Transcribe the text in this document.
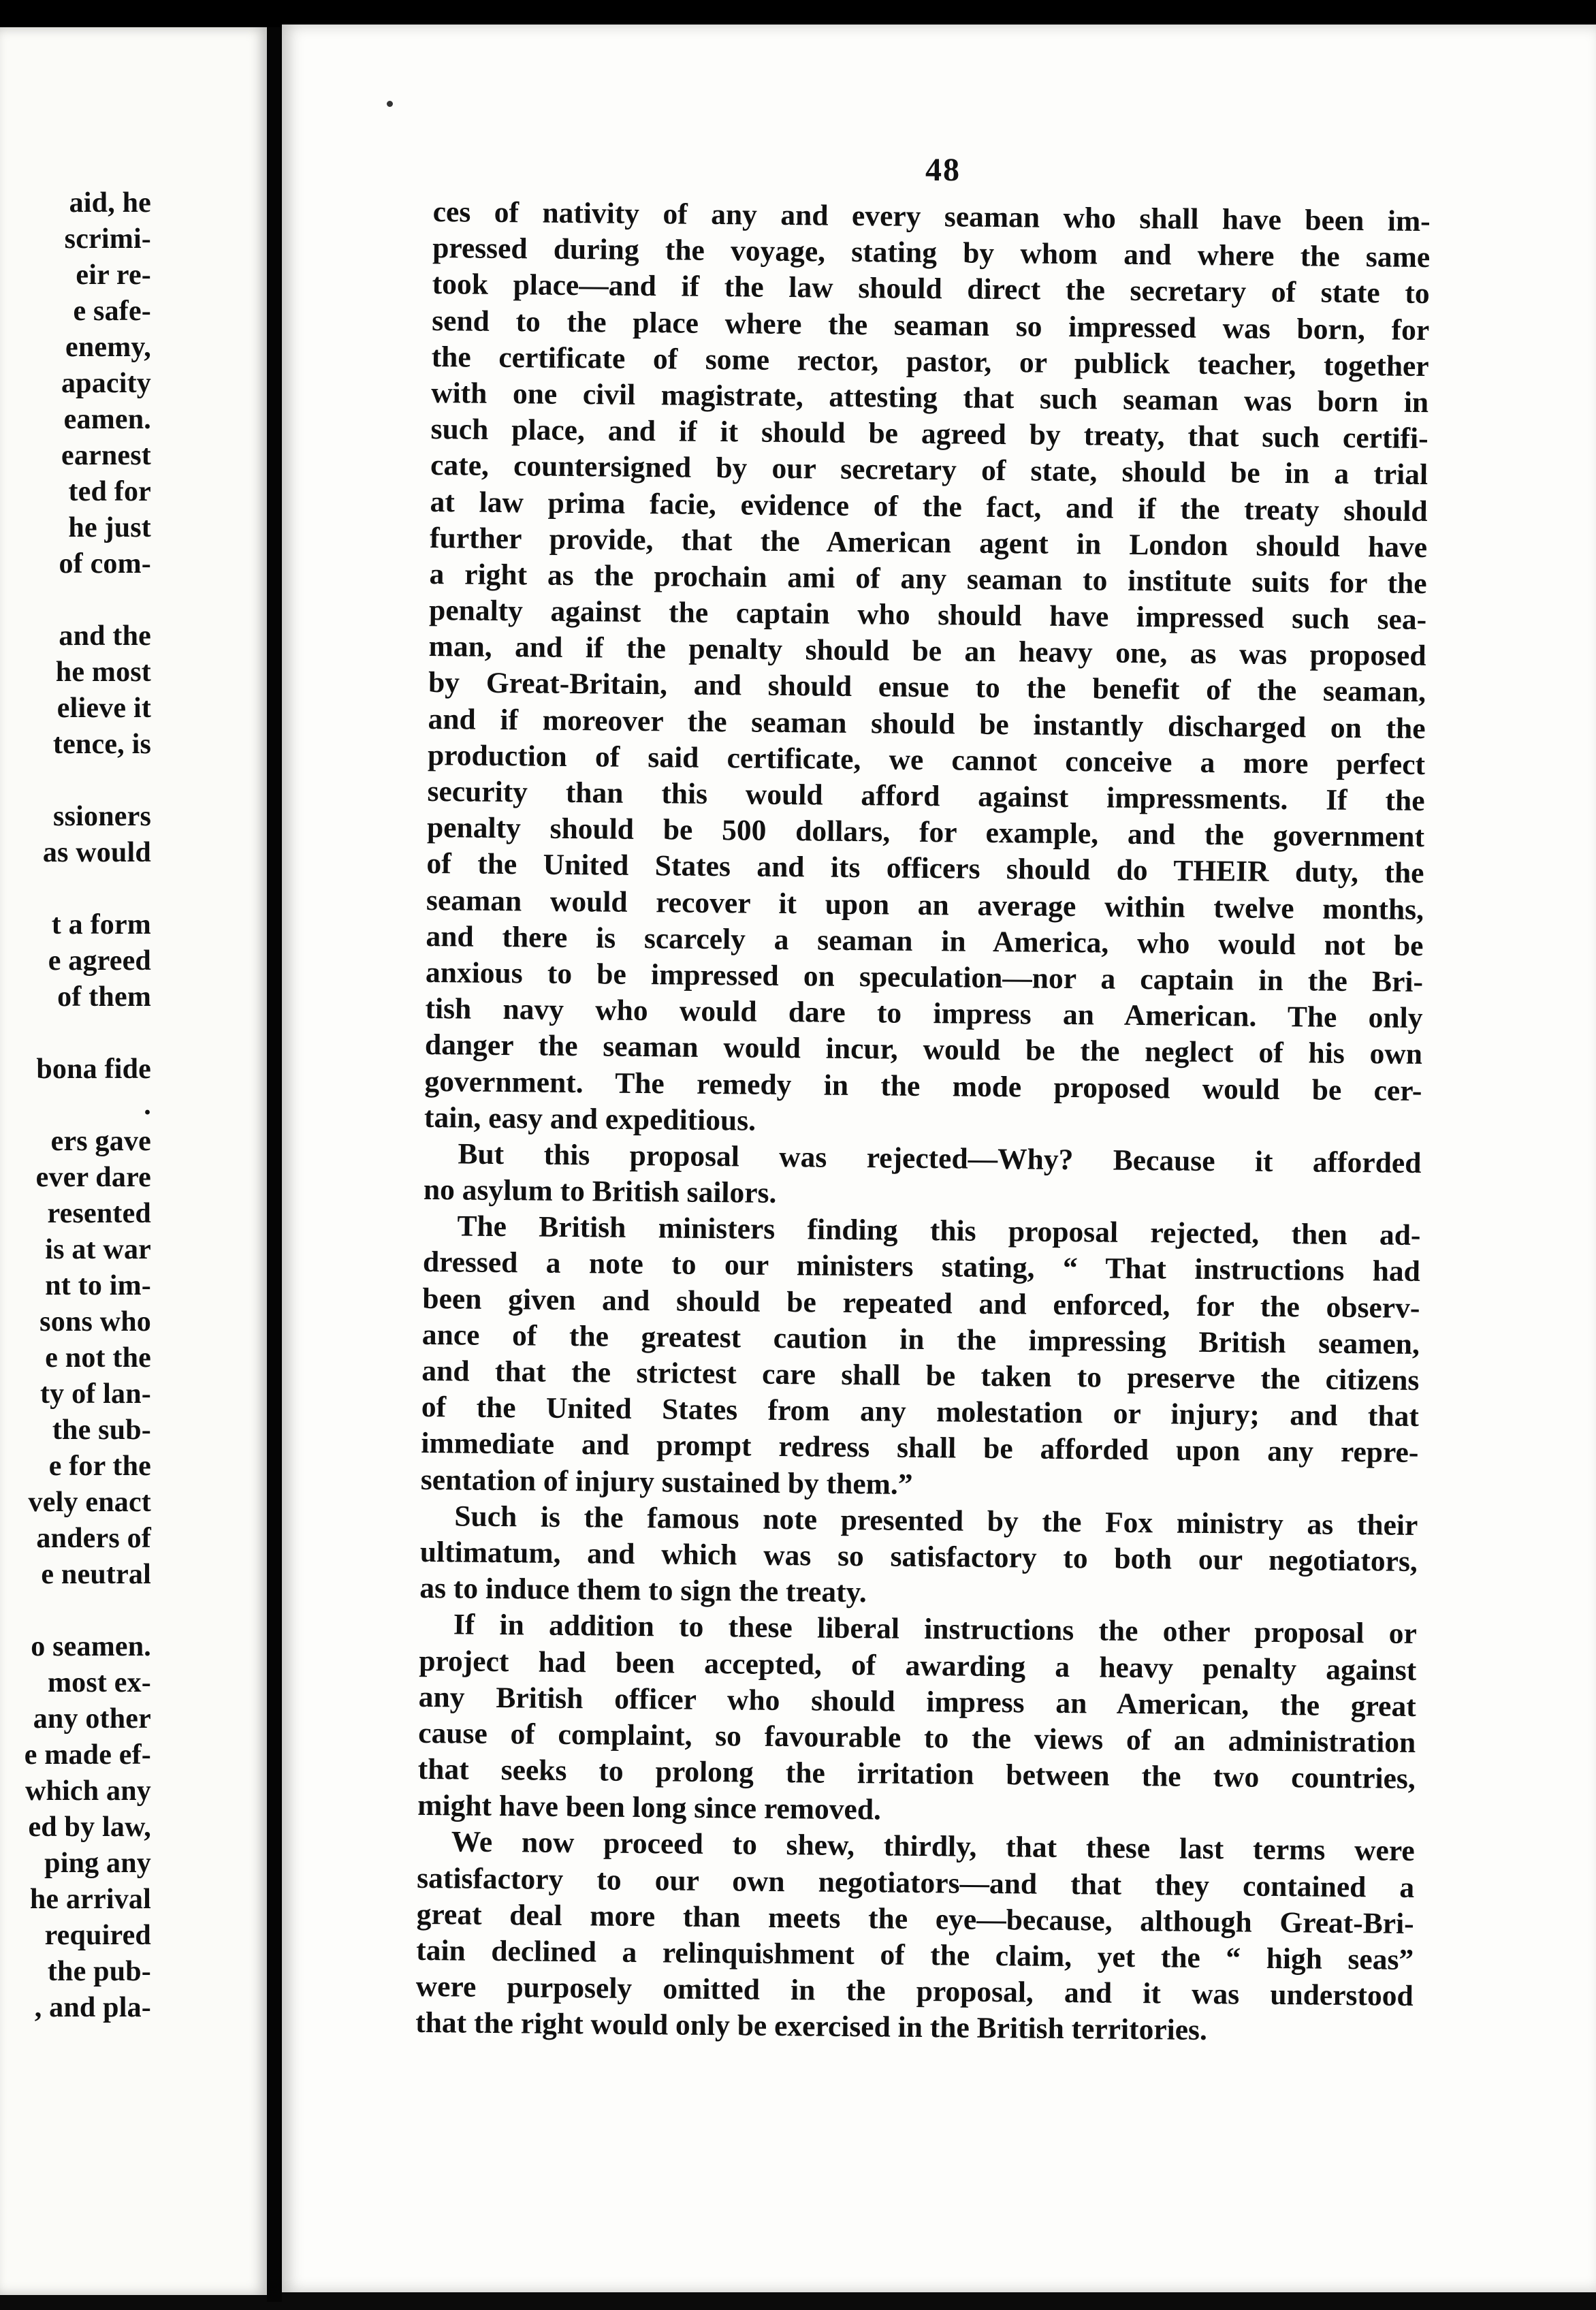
aid, he
scrimi-
eir re-
e safe-
enemy,
apacity
eamen.
earnest
ted for
he just
of com-
and the
he most
elieve it
tence, is
ssioners
as would
t a form
e agreed
of them
bona fide
.
ers gave
ever dare
resented
is at war
nt to im-
sons who
e not the
ty of lan-
the sub-
e for the
vely enact
anders of
e neutral
o seamen.
most ex-
any other
e made ef-
which any
ed by law,
ping any
he arrival
required
the pub-
, and pla-
48
ces of nativity of any and every seaman who shall have been im-
pressed during the voyage, stating by whom and where the same
took place—and if the law should direct the secretary of state to
send to the place where the seaman so impressed was born, for
the certificate of some rector, pastor, or publick teacher, together
with one civil magistrate, attesting that such seaman was born in
such place, and if it should be agreed by treaty, that such certifi-
cate, countersigned by our secretary of state, should be in a trial
at law prima facie, evidence of the fact, and if the treaty should
further provide, that the American agent in London should have
a right as the prochain ami of any seaman to institute suits for the
penalty against the captain who should have impressed such sea-
man, and if the penalty should be an heavy one, as was proposed
by Great-Britain, and should ensue to the benefit of the seaman,
and if moreover the seaman should be instantly discharged on the
production of said certificate, we cannot conceive a more perfect
security than this would afford against impressments. If the
penalty should be 500 dollars, for example, and the government
of the United States and its officers should do THEIR duty, the
seaman would recover it upon an average within twelve months,
and there is scarcely a seaman in America, who would not be
anxious to be impressed on speculation—nor a captain in the Bri-
tish navy who would dare to impress an American. The only
danger the seaman would incur, would be the neglect of his own
government. The remedy in the mode proposed would be cer-
tain, easy and expeditious.
But this proposal was rejected—Why? Because it afforded
no asylum to British sailors.
The British ministers finding this proposal rejected, then ad-
dressed a note to our ministers stating, “ That instructions had
been given and should be repeated and enforced, for the observ-
ance of the greatest caution in the impressing British seamen,
and that the strictest care shall be taken to preserve the citizens
of the United States from any molestation or injury; and that
immediate and prompt redress shall be afforded upon any repre-
sentation of injury sustained by them.”
Such is the famous note presented by the Fox ministry as their
ultimatum, and which was so satisfactory to both our negotiators,
as to induce them to sign the treaty.
If in addition to these liberal instructions the other proposal or
project had been accepted, of awarding a heavy penalty against
any British officer who should impress an American, the great
cause of complaint, so favourable to the views of an administration
that seeks to prolong the irritation between the two countries,
might have been long since removed.
We now proceed to shew, thirdly, that these last terms were
satisfactory to our own negotiators—and that they contained a
great deal more than meets the eye—because, although Great-Bri-
tain declined a relinquishment of the claim, yet the “ high seas”
were purposely omitted in the proposal, and it was understood
that the right would only be exercised in the British territories.
